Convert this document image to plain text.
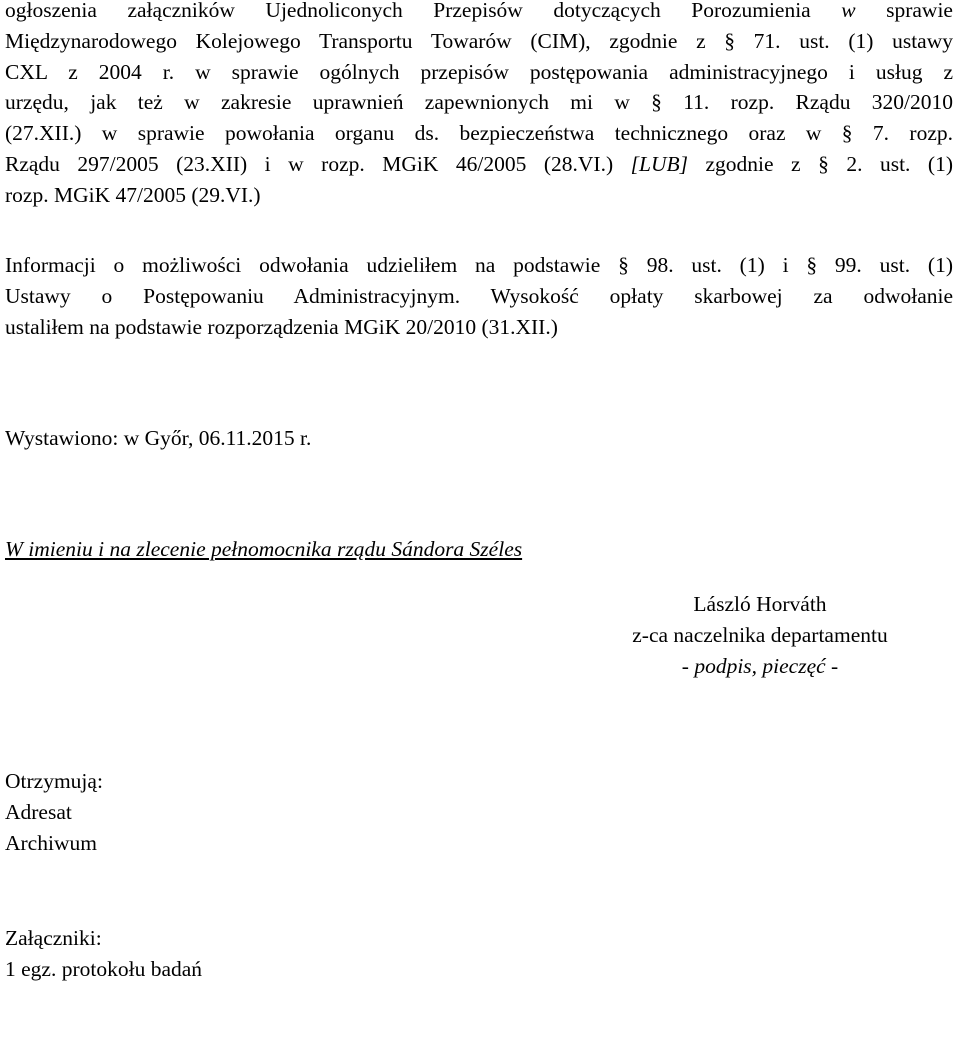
ogłoszenia załączników Ujednoliconych Przepisów dotyczących Porozumienia w sprawie
Międzynarodowego Kolejowego Transportu Towarów (CIM), zgodnie z § 71. ust. (1) ustawy
CXL z 2004 r. w sprawie ogólnych przepisów postępowania administracyjnego i usług z
urzędu, jak też w zakresie uprawnień zapewnionych mi w § 11. rozp. Rządu 320/2010
(27.XII.) w sprawie powołania organu ds. bezpieczeństwa technicznego oraz w § 7. rozp.
Rządu 297/2005 (23.XII) i w rozp. MGiK 46/2005 (28.VI.) [LUB] zgodnie z § 2. ust. (1)
rozp. MGiK 47/2005 (29.VI.)
Informacji o możliwości odwołania udzieliłem na podstawie § 98. ust. (1) i § 99. ust. (1)
Ustawy o Postępowaniu Administracyjnym. Wysokość opłaty skarbowej za odwołanie
ustaliłem na podstawie rozporządzenia MGiK 20/2010 (31.XII.)
Wystawiono: w Győr, 06.11.2015 r.
W imieniu i na zlecenie pełnomocnika rządu Sándora Széles
László Horváth
z-ca naczelnika departamentu
- podpis, pieczęć -
Otrzymują:
Adresat
Archiwum
Załączniki:
1 egz. protokołu badań
